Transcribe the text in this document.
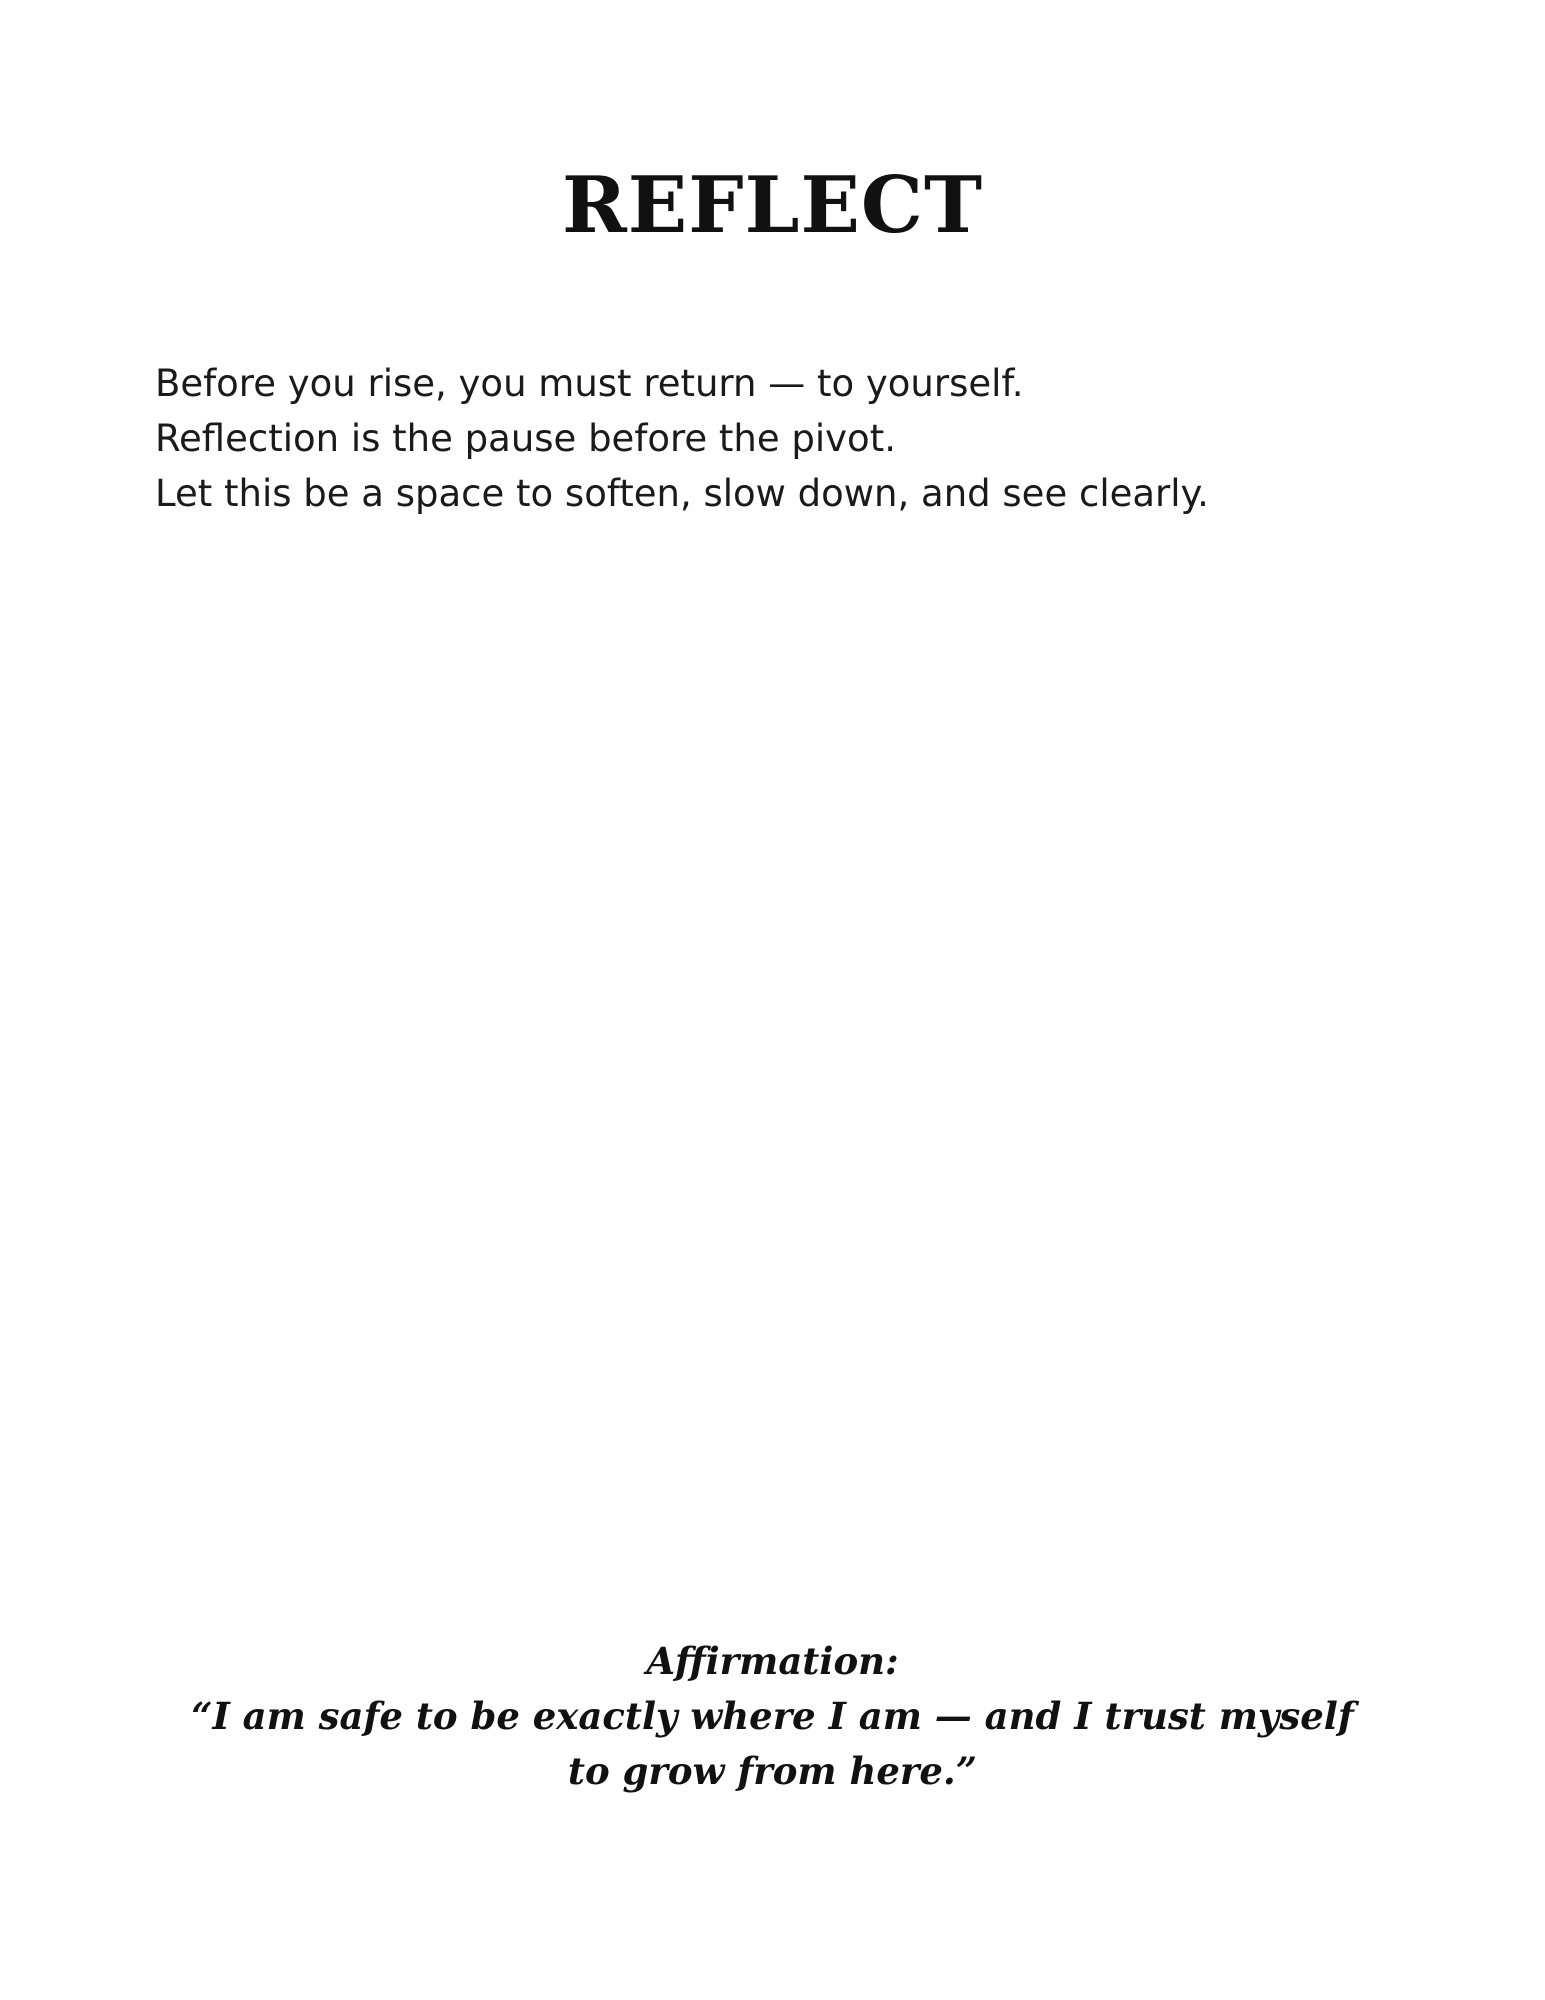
REFLECT
Before you rise, you must return — to yourself.
Reflection is the pause before the pivot.
Let this be a space to soften, slow down, and see clearly.
Affirmation:
“I am safe to be exactly where I am — and I trust myself to grow from here.”
